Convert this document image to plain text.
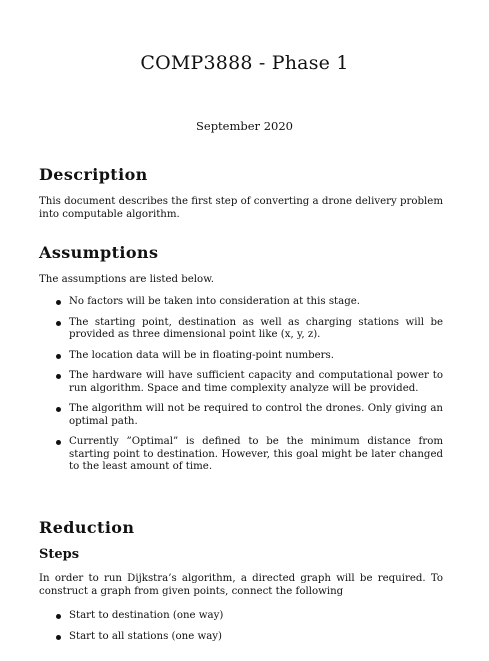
COMP3888 - Phase 1
September 2020
Description
This document describes the first step of converting a drone delivery problem into computable algorithm.
Assumptions
The assumptions are listed below.
No factors will be taken into consideration at this stage.
The starting point, destination as well as charging stations will be provided as three dimensional point like (x, y, z).
The location data will be in floating-point numbers.
The hardware will have sufficient capacity and computational power to run algorithm. Space and time complexity analyze will be provided.
The algorithm will not be required to control the drones. Only giving an optimal path.
Currently ”Optimal” is defined to be the minimum distance from starting point to destination. However, this goal might be later changed to the least amount of time.
Reduction
Steps
In order to run Dijkstra’s algorithm, a directed graph will be required. To construct a graph from given points, connect the following
Start to destination (one way)
Start to all stations (one way)
